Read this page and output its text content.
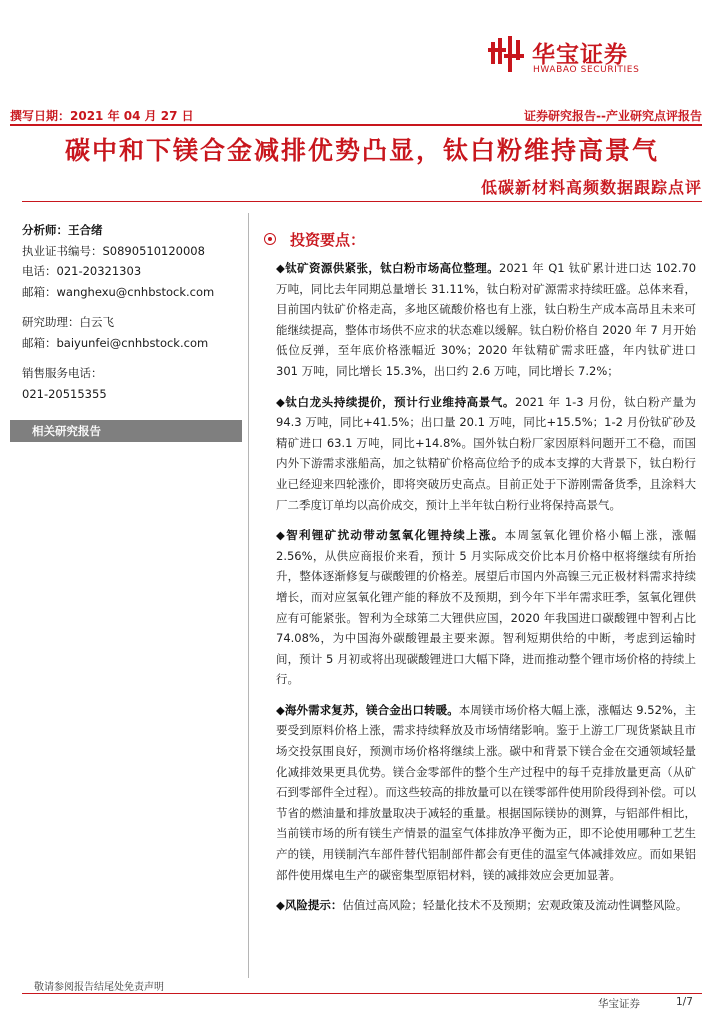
华宝证券
HWABAO SECURITIES
撰写日期：2021 年 04 月 27 日	证券研究报告--产业研究点评报告
碳中和下镁合金减排优势凸显，钛白粉维持高景气
低碳新材料高频数据跟踪点评
分析师：王合绪
执业证书编号：S0890510120008
电话：021-20321303
邮箱：wanghexu@cnhbstock.com
研究助理：白云飞
邮箱：baiyunfei@cnhbstock.com
销售服务电话：
021-20515355
相关研究报告
投资要点：

◆钛矿资源供紧张，钛白粉市场高位整理。2021 年 Q1 钛矿累计进口达 102.70 万吨，同比去年同期总量增长 31.11%，钛白粉对矿源需求持续旺盛。总体来看，目前国内钛矿价格走高，多地区硫酸价格也有上涨，钛白粉生产成本高昂且未来可能继续提高，整体市场供不应求的状态难以缓解。钛白粉价格自 2020 年 7 月开始低位反弹，至年底价格涨幅近 30%；2020 年钛精矿需求旺盛，年内钛矿进口 301 万吨，同比增长 15.3%，出口约 2.6 万吨，同比增长 7.2%；

◆钛白龙头持续提价，预计行业维持高景气。2021 年 1-3 月份，钛白粉产量为 94.3 万吨，同比+41.5%；出口量 20.1 万吨，同比+15.5%；1-2 月份钛矿砂及精矿进口 63.1 万吨，同比+14.8%。国外钛白粉厂家因原料问题开工不稳，而国内外下游需求涨船高，加之钛精矿价格高位给予的成本支撑的大背景下，钛白粉行业已经迎来四轮涨价，即将突破历史高点。目前正处于下游刚需备货季，且涂料大厂二季度订单均以高价成交，预计上半年钛白粉行业将保持高景气。

◆智利锂矿扰动带动氢氧化锂持续上涨。本周氢氧化锂价格小幅上涨，涨幅 2.56%，从供应商报价来看，预计 5 月实际成交价比本月价格中枢将继续有所抬升，整体逐渐修复与碳酸锂的价格差。展望后市国内外高镍三元正极材料需求持续增长，而对应氢氧化锂产能的释放不及预期，到今年下半年需求旺季，氢氧化锂供应有可能紧张。智利为全球第二大锂供应国，2020 年我国进口碳酸锂中智利占比 74.08%，为中国海外碳酸锂最主要来源。智利短期供给的中断，考虑到运输时间，预计 5 月初或将出现碳酸锂进口大幅下降，进而推动整个锂市场价格的持续上行。

◆海外需求复苏，镁合金出口转暖。本周镁市场价格大幅上涨，涨幅达 9.52%，主要受到原料价格上涨，需求持续释放及市场情绪影响。鉴于上游工厂现货紧缺且市场交投氛围良好，预测市场价格将继续上涨。碳中和背景下镁合金在交通领域轻量化减排效果更具优势。镁合金零部件的整个生产过程中的每千克排放量更高（从矿石到零部件全过程）。而这些较高的排放量可以在镁零部件使用阶段得到补偿。可以节省的燃油量和排放量取决于减轻的重量。根据国际镁协的测算，与铝部件相比，当前镁市场的所有镁生产情景的温室气体排放净平衡为正，即不论使用哪种工艺生产的镁，用镁制汽车部件替代铝制部件都会有更佳的温室气体减排效应。而如果铝部件使用煤电生产的碳密集型原铝材料，镁的减排效应会更加显著。

◆风险提示：估值过高风险；轻量化技术不及预期；宏观政策及流动性调整风险。

敬请参阅报告结尾处免责声明
华宝证券	1/7
